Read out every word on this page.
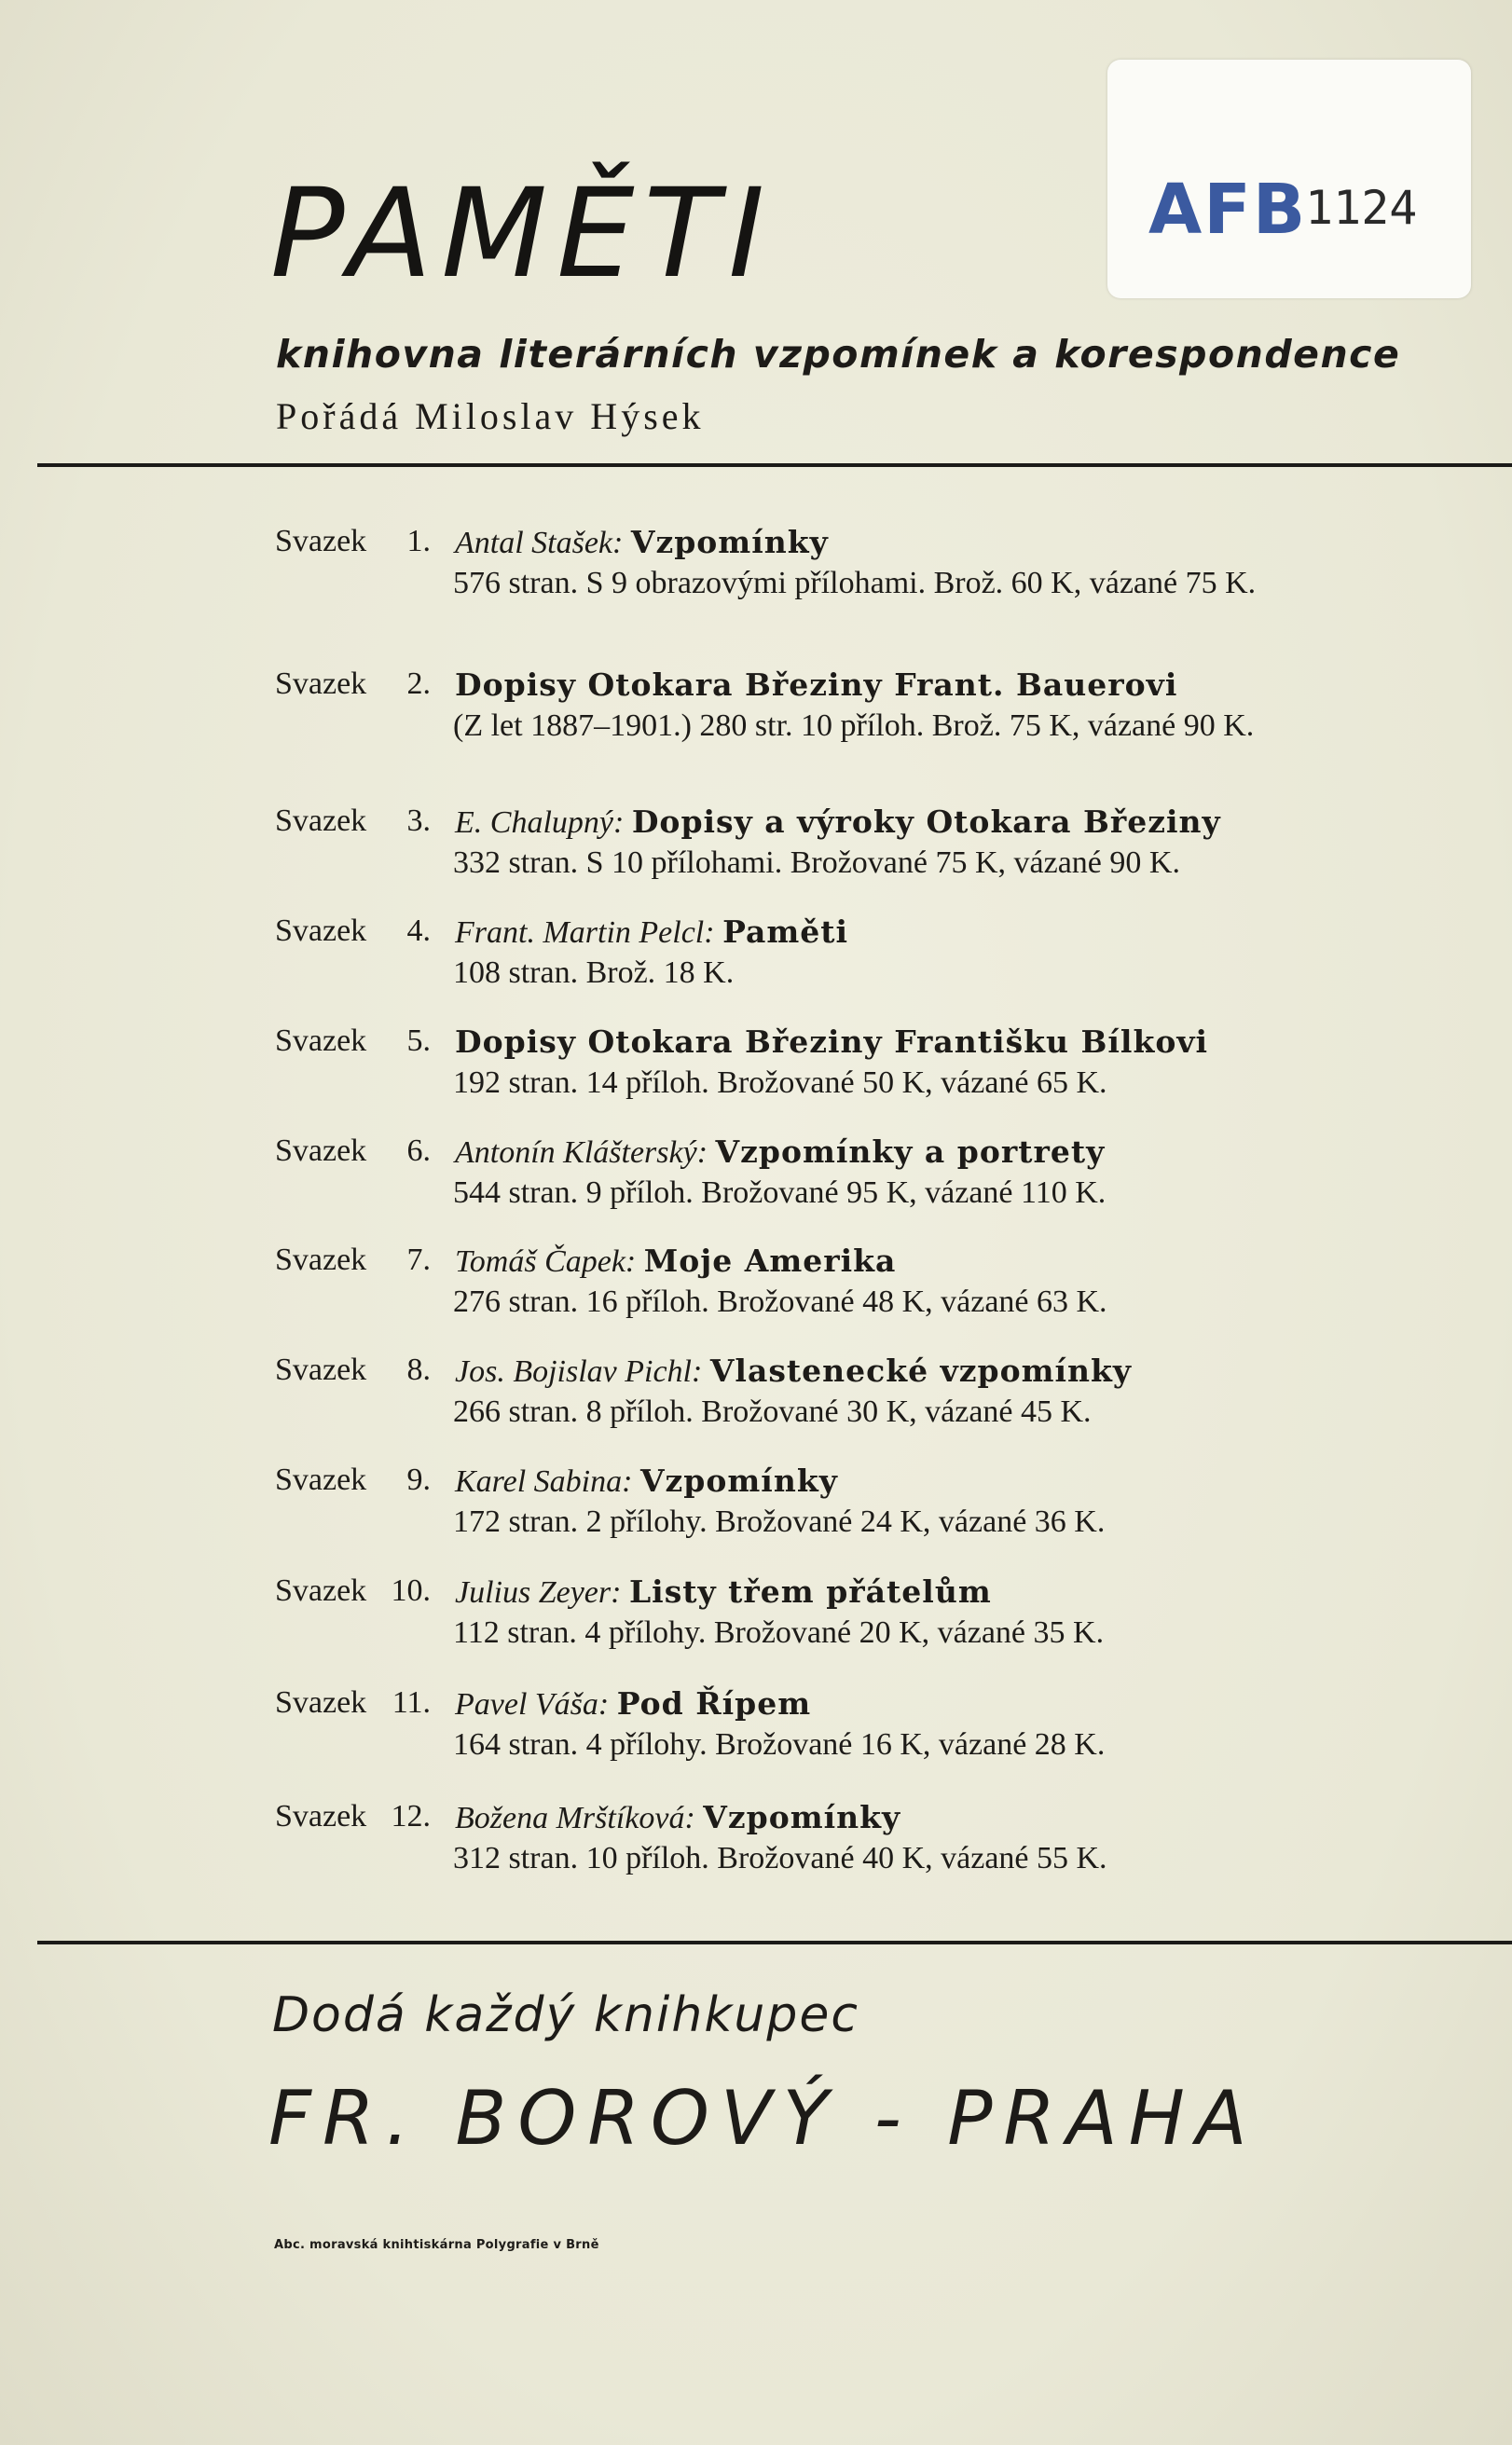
AFB
1124
PAMĚTI
knihovna literárních vzpomínek a korespondence
Pořádá Miloslav Hýsek
Svazek 1. Antal Stašek: Vzpomínky
576 stran. S 9 obrazovými přílohami. Brož. 60 K, vázané 75 K.
Svazek 2. Dopisy Otokara Březiny Frant. Bauerovi
(Z let 1887–1901.) 280 str. 10 příloh. Brož. 75 K, vázané 90 K.
Svazek 3. E. Chalupný: Dopisy a výroky Otokara Březiny
332 stran. S 10 přílohami. Brožované 75 K, vázané 90 K.
Svazek 4. Frant. Martin Pelcl: Paměti
108 stran. Brož. 18 K.
Svazek 5. Dopisy Otokara Březiny Františku Bílkovi
192 stran. 14 příloh. Brožované 50 K, vázané 65 K.
Svazek 6. Antonín Klášterský: Vzpomínky a portrety
544 stran. 9 příloh. Brožované 95 K, vázané 110 K.
Svazek 7. Tomáš Čapek: Moje Amerika
276 stran. 16 příloh. Brožované 48 K, vázané 63 K.
Svazek 8. Jos. Bojislav Pichl: Vlastenecké vzpomínky
266 stran. 8 příloh. Brožované 30 K, vázané 45 K.
Svazek 9. Karel Sabina: Vzpomínky
172 stran. 2 přílohy. Brožované 24 K, vázané 36 K.
Svazek 10. Julius Zeyer: Listy třem přátelům
112 stran. 4 přílohy. Brožované 20 K, vázané 35 K.
Svazek 11. Pavel Váša: Pod Řípem
164 stran. 4 přílohy. Brožované 16 K, vázané 28 K.
Svazek 12. Božena Mrštíková: Vzpomínky
312 stran. 10 příloh. Brožované 40 K, vázané 55 K.
Dodá každý knihkupec
FR. BOROVÝ - PRAHA
Abc. moravská knihtiskárna Polygrafie v Brně
